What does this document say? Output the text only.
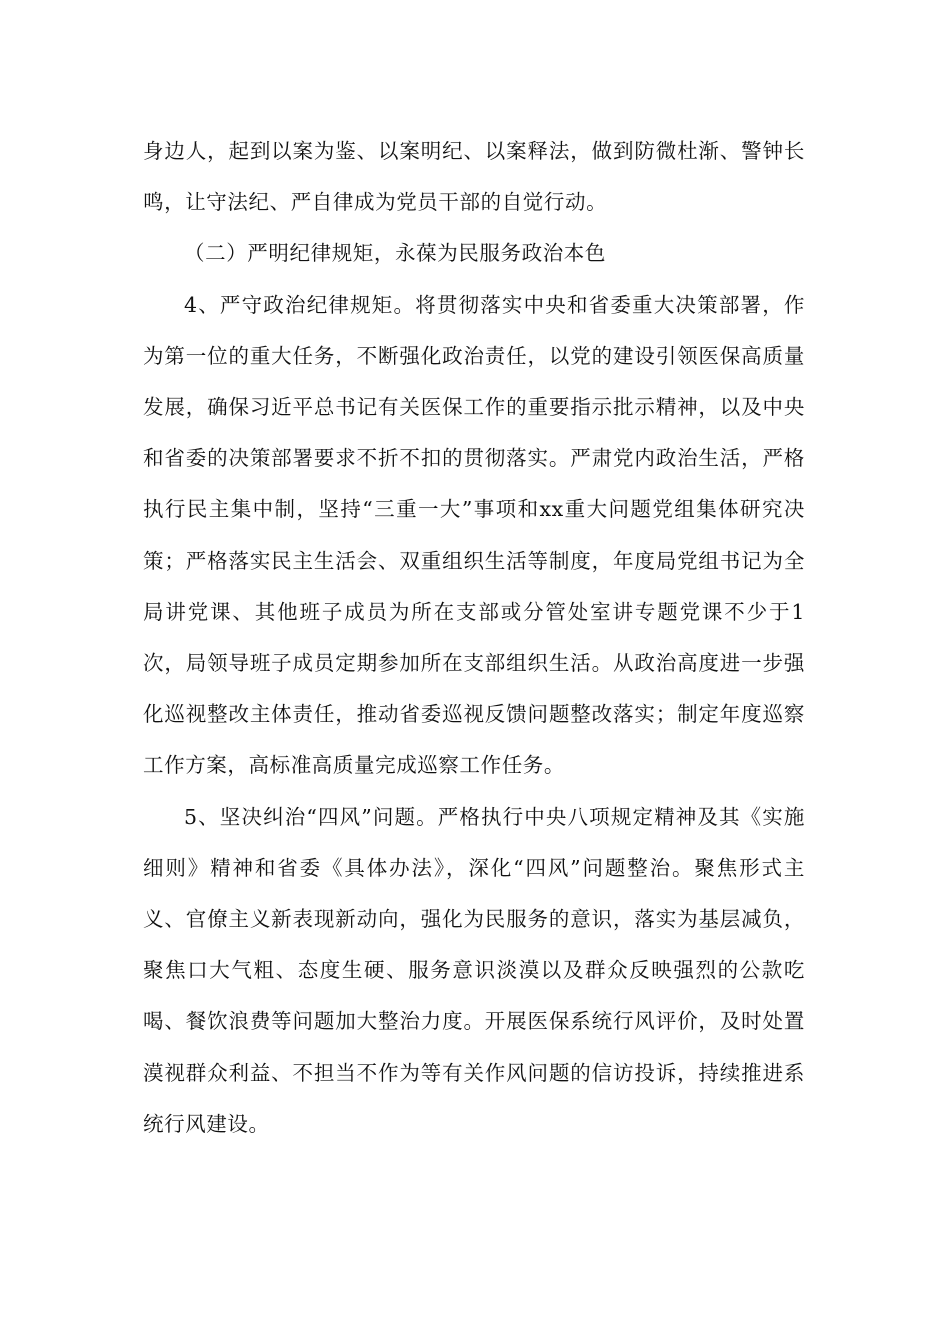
身边人，起到以案为鉴、以案明纪、以案释法，做到防微杜渐、警钟长鸣，让守法纪、严自律成为党员干部的自觉行动。

（二）严明纪律规矩，永葆为民服务政治本色

4、严守政治纪律规矩。将贯彻落实中央和省委重大决策部署，作为第一位的重大任务，不断强化政治责任，以党的建设引领医保高质量发展，确保习近平总书记有关医保工作的重要指示批示精神，以及中央和省委的决策部署要求不折不扣的贯彻落实。严肃党内政治生活，严格执行民主集中制，坚持“三重一大”事项和xx重大问题党组集体研究决策；严格落实民主生活会、双重组织生活等制度，年度局党组书记为全局讲党课、其他班子成员为所在支部或分管处室讲专题党课不少于1次，局领导班子成员定期参加所在支部组织生活。从政治高度进一步强化巡视整改主体责任，推动省委巡视反馈问题整改落实；制定年度巡察工作方案，高标准高质量完成巡察工作任务。

5、坚决纠治“四风”问题。严格执行中央八项规定精神及其《实施细则》精神和省委《具体办法》，深化“四风”问题整治。聚焦形式主义、官僚主义新表现新动向，强化为民服务的意识，落实为基层减负，聚焦口大气粗、态度生硬、服务意识淡漠以及群众反映强烈的公款吃喝、餐饮浪费等问题加大整治力度。开展医保系统行风评价，及时处置漠视群众利益、不担当不作为等有关作风问题的信访投诉，持续推进系统行风建设。
